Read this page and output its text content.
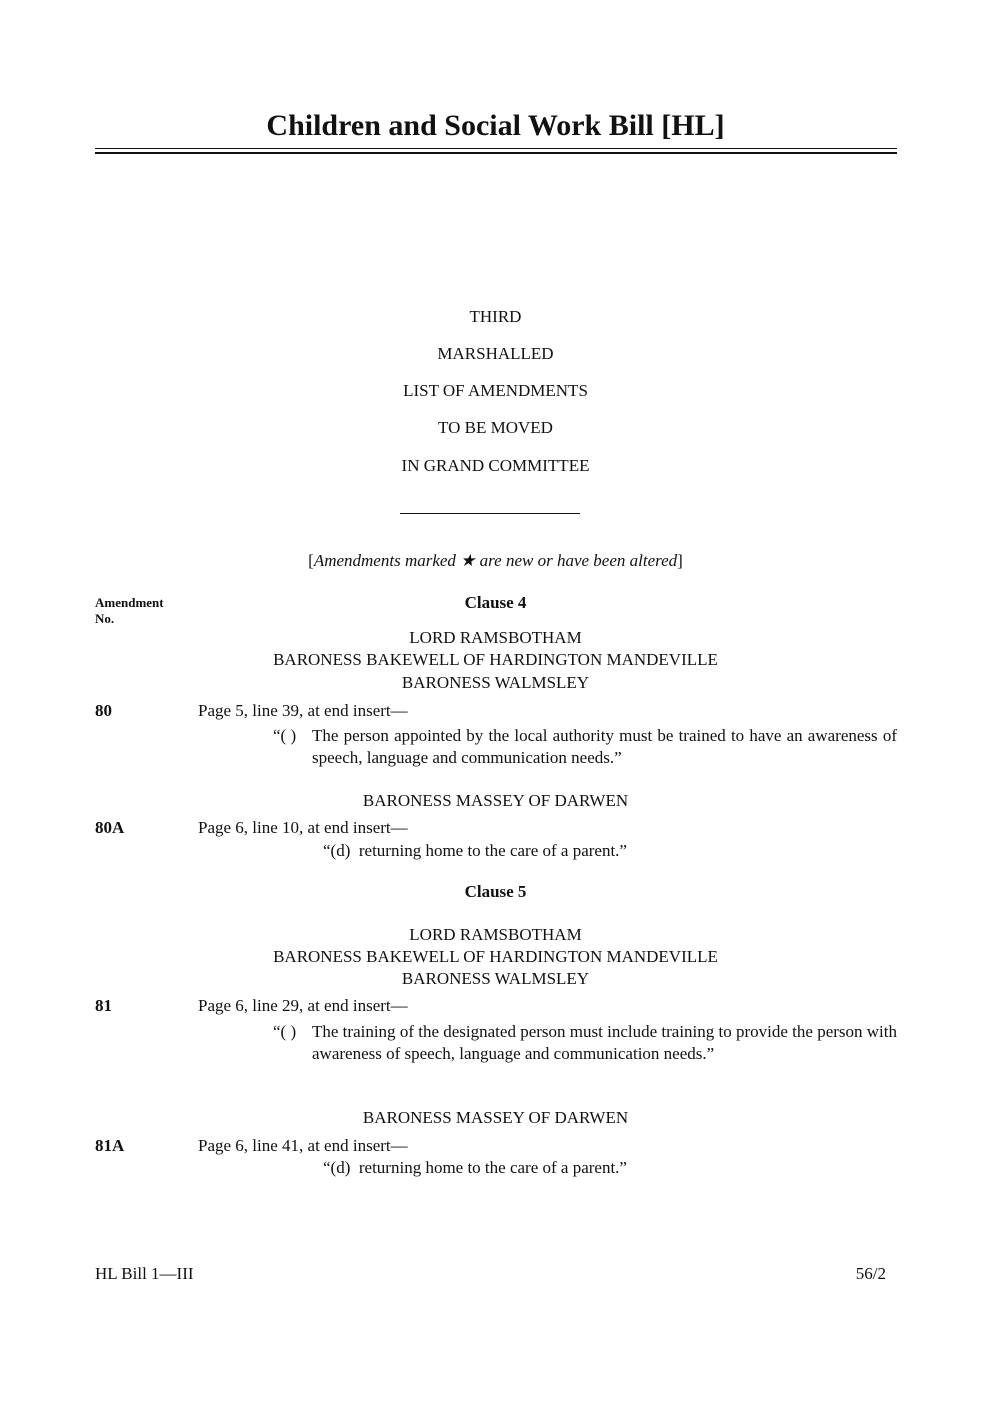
Children and Social Work Bill [HL]
THIRD
MARSHALLED
LIST OF AMENDMENTS
TO BE MOVED
IN GRAND COMMITTEE
[Amendments marked ★ are new or have been altered]
Amendment
No.
Clause 4
LORD RAMSBOTHAM
BARONESS BAKEWELL OF HARDINGTON MANDEVILLE
BARONESS WALMSLEY
80	Page 5, line 39, at end insert—
“( ) The person appointed by the local authority must be trained to have an awareness of speech, language and communication needs.”
BARONESS MASSEY OF DARWEN
80A	Page 6, line 10, at end insert—
“(d) returning home to the care of a parent.”
Clause 5
LORD RAMSBOTHAM
BARONESS BAKEWELL OF HARDINGTON MANDEVILLE
BARONESS WALMSLEY
81	Page 6, line 29, at end insert—
“( ) The training of the designated person must include training to provide the person with awareness of speech, language and communication needs.”
BARONESS MASSEY OF DARWEN
81A	Page 6, line 41, at end insert—
“(d) returning home to the care of a parent.”
HL Bill 1—III	56/2
